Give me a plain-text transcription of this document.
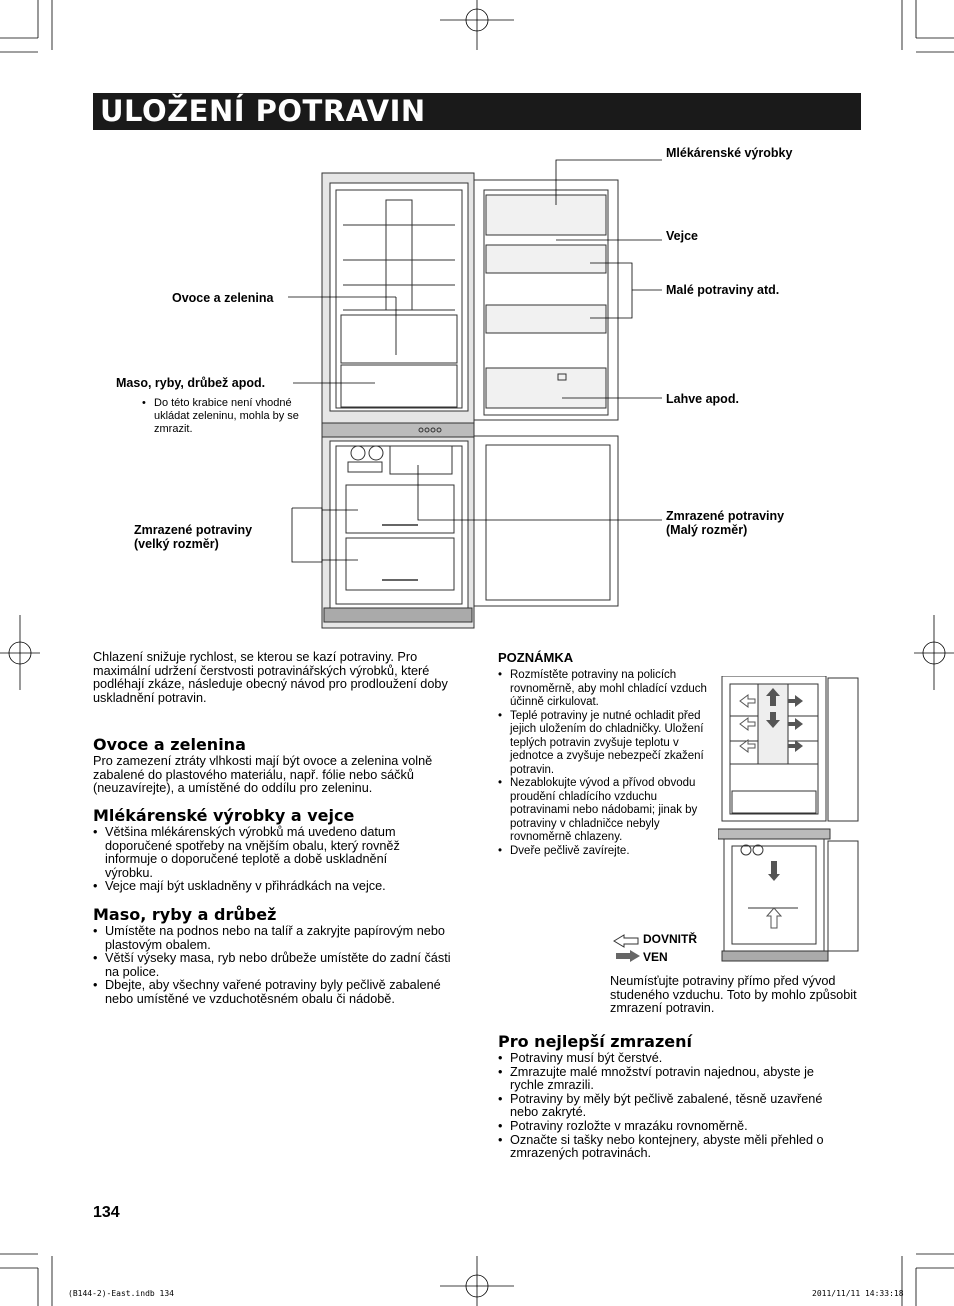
ULOŽENÍ POTRAVIN
Mlékárenské výrobky
Vejce
Malé potraviny atd.
Lahve apod.
Ovoce a zelenina
Maso, ryby, drůbež apod.
• Do této krabice není vhodné ukládat zeleninu, mohla by se zmrazit.
Zmrazené potraviny
(velký rozměr)
Zmrazené potraviny
(Malý rozměr)
Chlazení snižuje rychlost, se kterou se kazí potraviny. Pro maximální udržení čerstvosti potravinářských výrobků, které podléhají zkáze, následuje obecný návod pro prodloužení doby uskladnění potravin.
Ovoce a zelenina
Pro zamezení ztráty vlhkosti mají být ovoce a zelenina volně zabalené do plastového materiálu, např. fólie nebo sáčků (neuzavírejte), a umístěné do oddílu pro zeleninu.
Mlékárenské výrobky a vejce
• Většina mlékárenských výrobků má uvedeno datum doporučené spotřeby na vnějším obalu, který rovněž informuje o doporučené teplotě a době uskladnění výrobku.
• Vejce mají být uskladněny v přihrádkách na vejce.
Maso, ryby a drůbež
• Umístěte na podnos nebo na talíř a zakryjte papírovým nebo plastovým obalem.
• Větší výseky masa, ryb nebo drůbeže umístěte do zadní části na police.
• Dbejte, aby všechny vařené potraviny byly pečlivě zabalené nebo umístěné ve vzduchotěsném obalu či nádobě.
POZNÁMKA
• Rozmístěte potraviny na policích rovnoměrně, aby mohl chladící vzduch účinně cirkulovat.
• Teplé potraviny je nutné ochladit před jejich uložením do chladničky. Uložení teplých potravin zvyšuje teplotu v jednotce a zvyšuje nebezpečí zkažení potravin.
• Nezablokujte vývod a přívod obvodu proudění chladícího vzduchu potravinami nebo nádobami; jinak by potraviny v chladničce nebyly rovnoměrně chlazeny.
• Dveře pečlivě zavírejte.
DOVNITŘ
VEN
Neumísťujte potraviny přímo před vývod studeného vzduchu. Toto by mohlo způsobit zmrazení potravin.
Pro nejlepší zmrazení
• Potraviny musí být čerstvé.
• Zmrazujte malé množství potravin najednou, abyste je rychle zmrazili.
• Potraviny by měly být pečlivě zabalené, těsně uzavřené nebo zakryté.
• Potraviny rozložte v mrazáku rovnoměrně.
• Označte si tašky nebo kontejnery, abyste měli přehled o zmrazených potravinách.
134
(B144-2)-East.indb 134	2011/11/11 14:33:18
